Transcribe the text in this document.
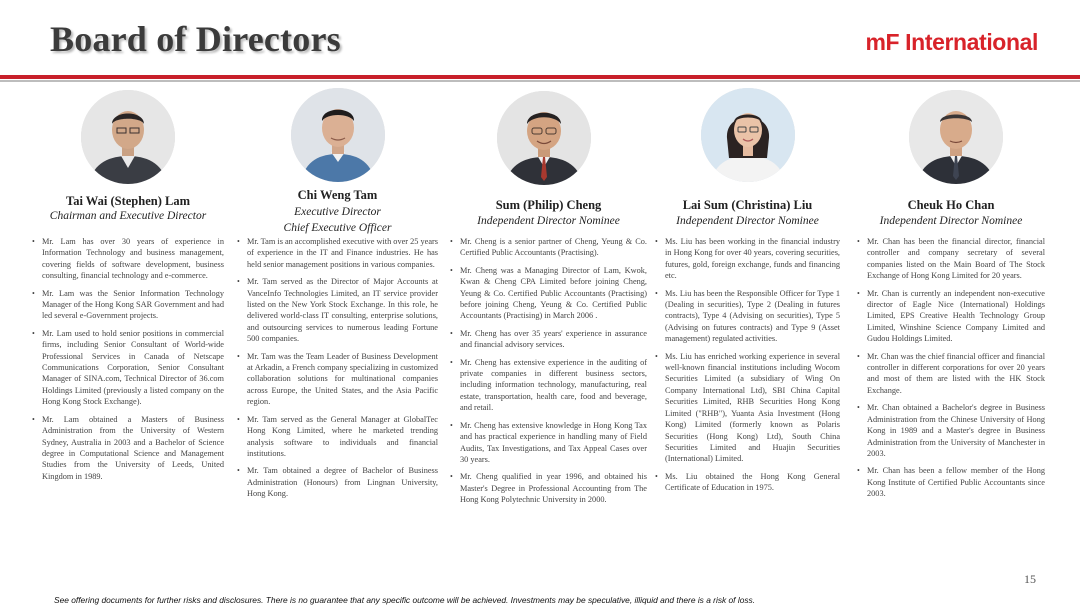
Board of Directors	mF International
Tai Wai (Stephen) Lam
Chairman and Executive Director
• Mr. Lam has over 30 years of experience in Information Technology and business management, covering fields of software development, business consulting, financial technology and e-commerce.
• Mr. Lam was the Senior Information Technology Manager of the Hong Kong SAR Government and had led several e-Government projects.
• Mr. Lam used to hold senior positions in commercial firms, including Senior Consultant of World-wide Professional Services in Canada of Netscape Communications Corporation, Senior Consultant Manager of SINA.com, Technical Director of 36.com Holdings Limited (previously a listed company on the Hong Kong Stock Exchange).
• Mr. Lam obtained a Masters of Business Administration from the University of Western Sydney, Australia in 2003 and a Bachelor of Science degree in Computational Science and Management Studies from the University of Leeds, United Kingdom in 1989.
Chi Weng Tam
Executive Director
Chief Executive Officer
• Mr. Tam is an accomplished executive with over 25 years of experience in the IT and Finance industries. He has held senior management positions in various companies.
• Mr. Tam served as the Director of Major Accounts at VanceInfo Technologies Limited, an IT service provider listed on the New York Stock Exchange. In this role, he delivered world-class IT consulting, enterprise solutions, and outsourcing services to numerous leading Fortune 500 companies.
• Mr. Tam was the Team Leader of Business Development at Arkadin, a French company specializing in customized collaboration solutions for multinational companies across Europe, the United States, and the Asia Pacific region.
• Mr. Tam served as the General Manager at GlobalTec Hong Kong Limited, where he marketed trending analysis software to individuals and financial institutions.
• Mr. Tam obtained a degree of Bachelor of Business Administration (Honours) from Lingnan University, Hong Kong.
Sum (Philip) Cheng
Independent Director Nominee
• Mr. Cheng is a senior partner of Cheng, Yeung & Co. Certified Public Accountants (Practising).
• Mr. Cheng was a Managing Director of Lam, Kwok, Kwan & Cheng CPA Limited before joining Cheng, Yeung & Co. Certified Public Accountants (Practising) before joining Cheng, Yeung & Co. Certified Public Accountants (Practising) in March 2006 .
• Mr. Cheng has over 35 years' experience in assurance and financial advisory services.
• Mr. Cheng has extensive experience in the auditing of private companies in different business sectors, including information technology, manufacturing, real estate, transportation, health care, food and beverage, and retail.
• Mr. Cheng has extensive knowledge in Hong Kong Tax and has practical experience in handling many of Field Audits, Tax Investigations, and Tax Appeal Cases over 30 years.
• Mr. Cheng qualified in year 1996, and obtained his Master's Degree in Professional Accounting from The Hong Kong Polytechnic University in 2000.
Lai Sum (Christina) Liu
Independent Director Nominee
• Ms. Liu has been working in the financial industry in Hong Kong for over 40 years, covering securities, futures, gold, foreign exchange, funds and financing etc.
• Ms. Liu has been the Responsible Officer for Type 1 (Dealing in securities), Type 2 (Dealing in futures contracts), Type 4 (Advising on securities), Type 5 (Advising on futures contracts) and Type 9 (Asset management) regulated activities.
• Ms. Liu has enriched working experience in several well-known financial institutions including Wocom Securities Limited (a subsidiary of Wing On Company International Ltd), SBI China Capital Securities Limited, RHB Securities Hong Kong Limited ("RHB"), Yuanta Asia Investment (Hong Kong) Limited (formerly known as Polaris Securities (Hong Kong) Ltd), South China Securities Limited and Huajin Securities (International) Limited.
• Ms. Liu obtained the Hong Kong General Certificate of Education in 1975.
Cheuk Ho Chan
Independent Director Nominee
• Mr. Chan has been the financial director, financial controller and company secretary of several companies listed on the Main Board of The Stock Exchange of Hong Kong Limited for 20 years.
• Mr. Chan is currently an independent non-executive director of Eagle Nice (International) Holdings Limited, EPS Creative Health Technology Group Limited, Winshine Science Company Limited and Gudou Holdings Limited.
• Mr. Chan was the chief financial officer and financial controller in different corporations for over 20 years and most of them are listed with the HK Stock Exchange.
• Mr. Chan obtained a Bachelor's degree in Business Administration from the Chinese University of Hong Kong in 1989 and a Master's degree in Business Administration from the University of Manchester in 2003.
• Mr. Chan has been a fellow member of the Hong Kong Institute of Certified Public Accountants since 2003.
15
See offering documents for further risks and disclosures. There is no guarantee that any specific outcome will be achieved. Investments may be speculative, illiquid and there is a risk of loss.
